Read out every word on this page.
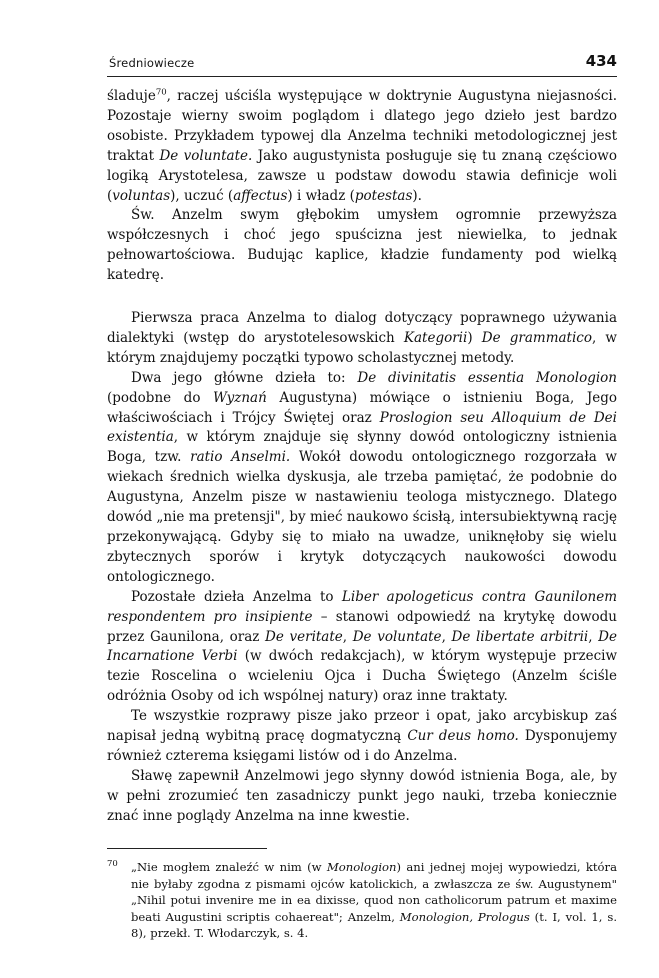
Średniowiecze	434

śladuje$^{70}$, raczej uściśla występujące w doktrynie Augustyna niejasności. Pozostaje wierny swoim poglądom i dlatego jego dzieło jest bardzo osobiste. Przykładem typowej dla Anzelma techniki metodologicznej jest traktat De voluntate. Jako augustynista posługuje się tu znaną częściowo logiką Arystotelesa, zawsze u podstaw dowodu stawia definicje woli (voluntas), uczuć (affectus) i władz (potestas).

Św. Anzelm swym głębokim umysłem ogromnie przewyższa współczesnych i choć jego spuścizna jest niewielka, to jednak pełnowartościowa. Budując kaplice, kładzie fundamenty pod wielką katedrę.

Pierwsza praca Anzelma to dialog dotyczący poprawnego używania dialektyki (wstęp do arystotelesowskich Kategorii) De grammatico, w którym znajdujemy początki typowo scholastycznej metody.

Dwa jego główne dzieła to: De divinitatis essentia Monologion (podobne do Wyznań Augustyna) mówiące o istnieniu Boga, Jego właściwościach i Trójcy Świętej oraz Proslogion seu Alloquium de Dei existentia, w którym znajduje się słynny dowód ontologiczny istnienia Boga, tzw. ratio Anselmi. Wokół dowodu ontologicznego rozgorzała w wiekach średnich wielka dyskusja, ale trzeba pamiętać, że podobnie do Augustyna, Anzelm pisze w nastawieniu teologa mistycznego. Dlatego dowód „nie ma pretensji", by mieć naukowo ścisłą, intersubiektywną rację przekonywającą. Gdyby się to miało na uwadze, uniknęłoby się wielu zbytecznych sporów i krytyk dotyczących naukowości dowodu ontologicznego.

Pozostałe dzieła Anzelma to Liber apologeticus contra Gaunilonem respondentem pro insipiente – stanowi odpowiedź na krytykę dowodu przez Gaunilona, oraz De veritate, De voluntate, De libertate arbitrii, De Incarnatione Verbi (w dwóch redakcjach), w którym występuje przeciw tezie Roscelina o wcieleniu Ojca i Ducha Świętego (Anzelm ściśle odróżnia Osoby od ich wspólnej natury) oraz inne traktaty.

Te wszystkie rozprawy pisze jako przeor i opat, jako arcybiskup zaś napisał jedną wybitną pracę dogmatyczną Cur deus homo. Dysponujemy również czterema księgami listów od i do Anzelma.

Sławę zapewnił Anzelmowi jego słynny dowód istnienia Boga, ale, by w pełni zrozumieć ten zasadniczy punkt jego nauki, trzeba koniecznie znać inne poglądy Anzelma na inne kwestie.

70 „Nie mogłem znaleźć w nim (w Monologion) ani jednej mojej wypowiedzi, która nie byłaby zgodna z pismami ojców katolickich, a zwłaszcza ze św. Augustynem" „Nihil potui invenire me in ea dixisse, quod non catholicorum patrum et maxime beati Augustini scriptis cohaereat"; Anzelm, Monologion, Prologus (t. I, vol. 1, s. 8), przekł. T. Włodarczyk, s. 4.
